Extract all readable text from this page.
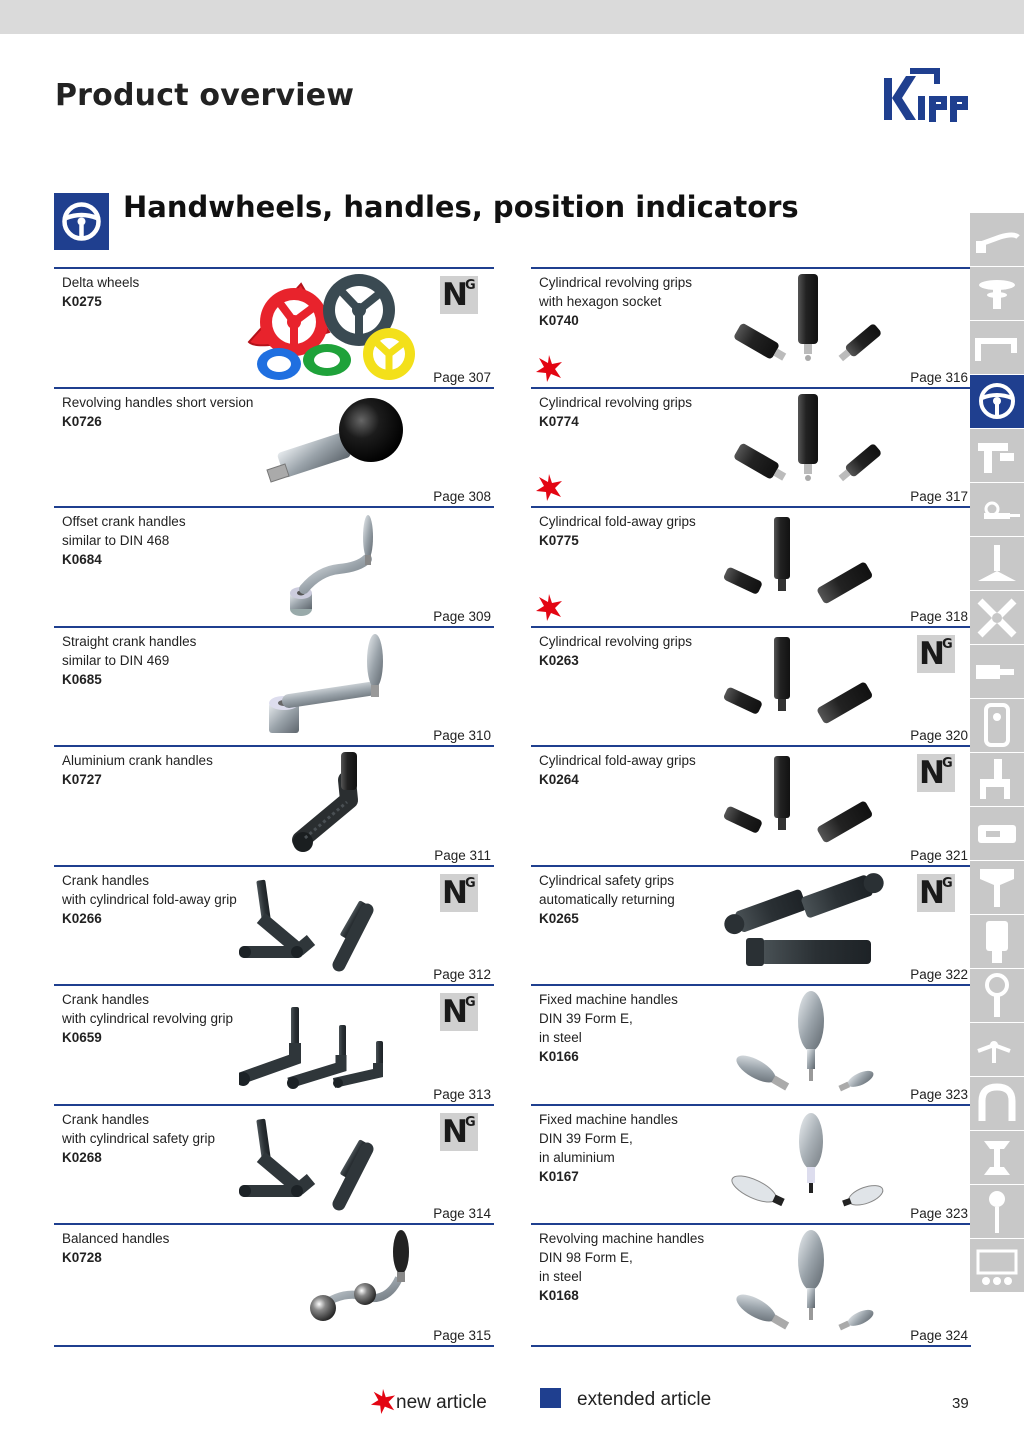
Product overview
Handwheels, handles, position indicators
Delta wheels
K0275	N
G
Page 307
Revolving handles short version
K0726
Page 308
Offset crank handles
similar to DIN 468
K0684
Page 309
Straight crank handles
similar to DIN 469
K0685
Page 310
Aluminium crank handles
K0727
Page 311
Crank handles
with cylindrical fold-away grip
K0266
N
G
Page 312
Crank handles
with cylindrical revolving grip
K0659
N
G
Page 313
Crank handles
with cylindrical safety grip
K0268
N
G
Page 314
Balanced handles
K0728
Page 315
Cylindrical revolving grips
with hexagon socket
K0740
Page 316
Cylindrical revolving grips
K0774
Page 317
Cylindrical fold-away grips
K0775
Page 318
Cylindrical revolving grips
K0263	N
G
Page 320
Cylindrical fold-away grips
K0264	N
G
Page 321
Cylindrical safety grips
automatically returning
K0265
N
G
Page 322
Fixed machine handles
DIN 39 Form E,
in steel
K0166
Page 323
Fixed machine handles
DIN 39 Form E,
in aluminium
K0167
Page 323
Revolving machine handles
DIN 98 Form E,
in steel
K0168
Page 324
new article	extended article	39
